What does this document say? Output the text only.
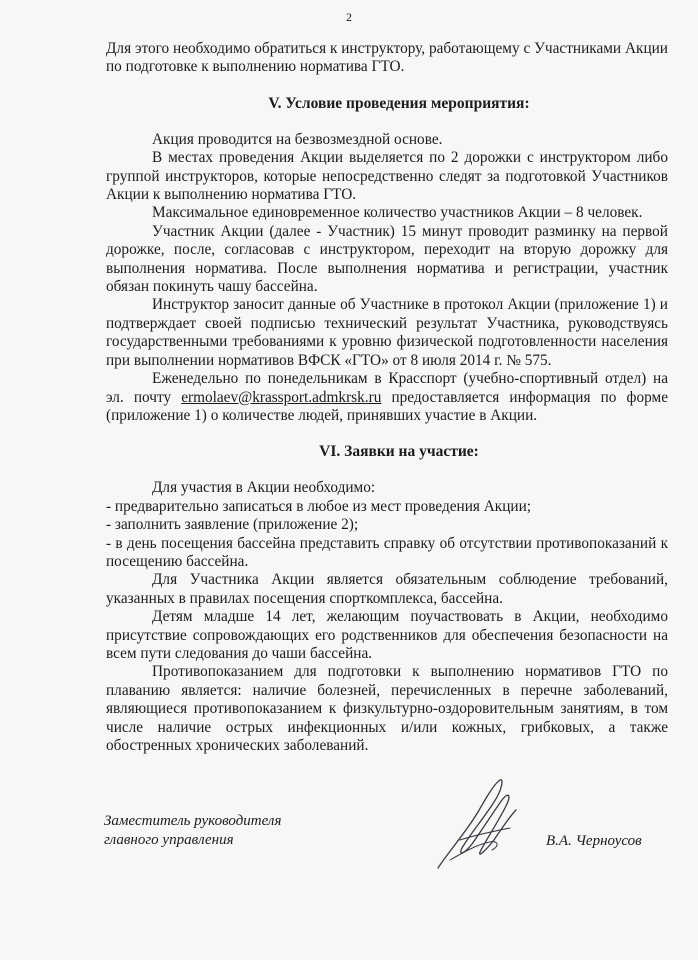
2

Для этого необходимо обратиться к инструктору, работающему с Участниками Акции по подготовке к выполнению норматива ГТО.

V. Условие проведения мероприятия:

Акция проводится на безвозмездной основе.

В местах проведения Акции выделяется по 2 дорожки с инструктором либо группой инструкторов, которые непосредственно следят за подготовкой Участников Акции к выполнению норматива ГТО.

Максимальное единовременное количество участников Акции – 8 человек.

Участник Акции (далее - Участник) 15 минут проводит разминку на первой дорожке, после, согласовав с инструктором, переходит на вторую дорожку для выполнения норматива. После выполнения норматива и регистрации, участник обязан покинуть чашу бассейна.

Инструктор заносит данные об Участнике в протокол Акции (приложение 1) и подтверждает своей подписью технический результат Участника, руководствуясь государственными требованиями к уровню физической подготовленности населения при выполнении нормативов ВФСК «ГТО» от 8 июля 2014 г. № 575.

Еженедельно по понедельникам в Красспорт (учебно-спортивный отдел) на эл. почту ermolaev@krassport.admkrsk.ru предоставляется информация по форме (приложение 1) о количестве людей, принявших участие в Акции.

VI. Заявки на участие:

Для участия в Акции необходимо:

- предварительно записаться в любое из мест проведения Акции;

- заполнить заявление (приложение 2);

- в день посещения бассейна представить справку об отсутствии противопоказаний к посещению бассейна.

Для Участника Акции является обязательным соблюдение требований, указанных в правилах посещения спорткомплекса, бассейна.

Детям младше 14 лет, желающим поучаствовать в Акции, необходимо присутствие сопровождающих его родственников для обеспечения безопасности на всем пути следования до чаши бассейна.

Противопоказанием для подготовки к выполнению нормативов ГТО по плаванию является: наличие болезней, перечисленных в перечне заболеваний, являющиеся противопоказанием к физкультурно-оздоровительным занятиям, в том числе наличие острых инфекционных и/или кожных, грибковых, а также обостренных хронических заболеваний.

Заместитель руководителя
главного управления	В.А. Черноусов
